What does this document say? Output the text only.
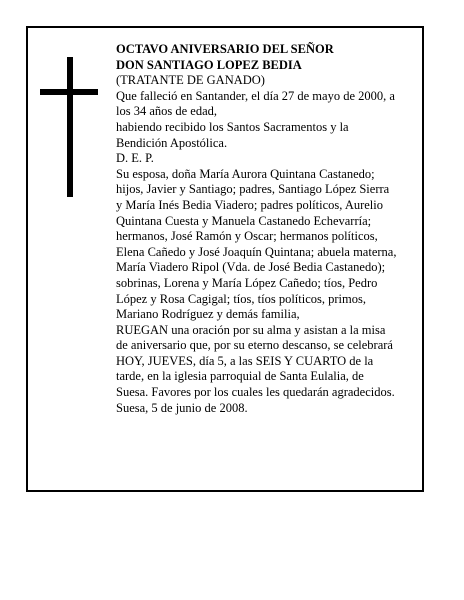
OCTAVO ANIVERSARIO DEL SEÑOR
DON SANTIAGO LOPEZ BEDIA
(TRATANTE DE GANADO)
Que falleció en Santander, el día 27 de mayo de 2000, a
los 34 años de edad,
habiendo recibido los Santos Sacramentos y la
Bendición Apostólica.
D. E. P.
Su esposa, doña María Aurora Quintana Castanedo;
hijos, Javier y Santiago; padres, Santiago López Sierra
y María Inés Bedia Viadero; padres políticos, Aurelio
Quintana Cuesta y Manuela Castanedo Echevarría;
hermanos, José Ramón y Oscar; hermanos políticos,
Elena Cañedo y José Joaquín Quintana; abuela materna,
María Viadero Ripol (Vda. de José Bedia Castanedo);
sobrinas, Lorena y María López Cañedo; tíos, Pedro
López y Rosa Cagigal; tíos, tíos políticos, primos,
Mariano Rodríguez y demás familia,
RUEGAN una oración por su alma y asistan a la misa
de aniversario que, por su eterno descanso, se celebrará
HOY, JUEVES, día 5, a las SEIS Y CUARTO de la
tarde, en la iglesia parroquial de Santa Eulalia, de
Suesa. Favores por los cuales les quedarán agradecidos.
Suesa, 5 de junio de 2008.
